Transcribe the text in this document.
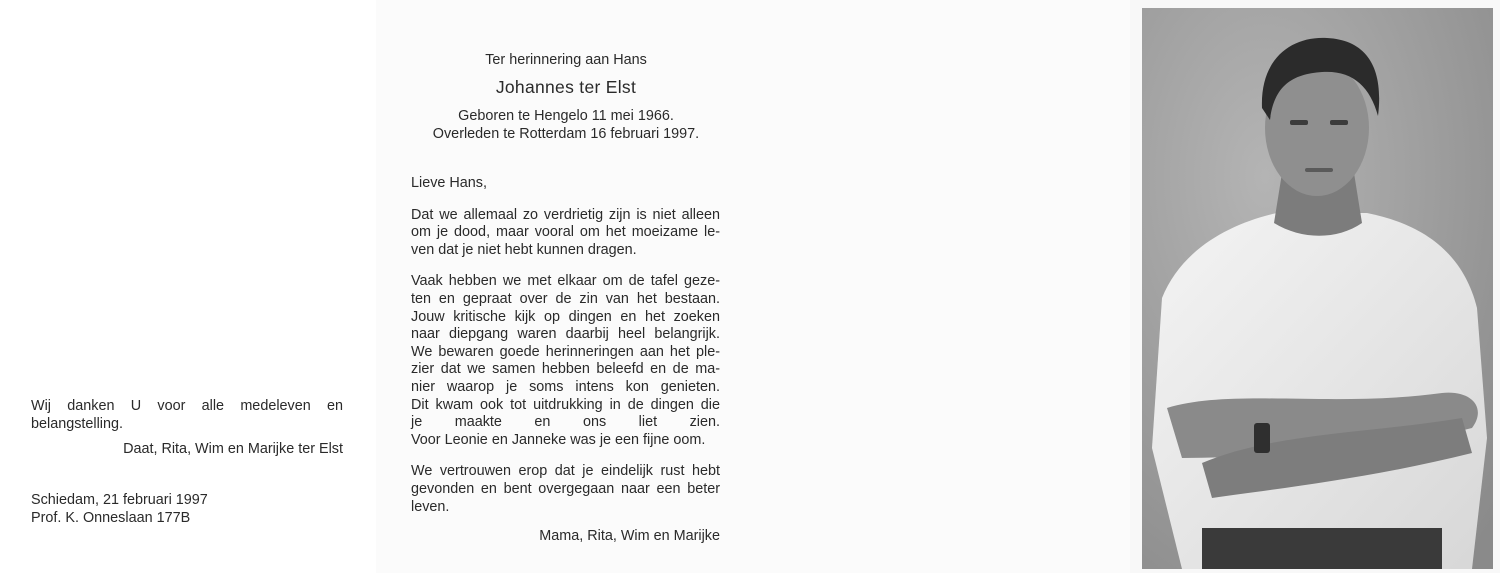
Wij danken U voor alle medeleven en belangstelling.
Daat, Rita, Wim en Marijke ter Elst
Schiedam, 21 februari 1997
Prof. K. Onneslaan 177B
Ter herinnering aan Hans
Johannes ter Elst
Geboren te Hengelo 11 mei 1966.
Overleden te Rotterdam 16 februari 1997.
Lieve Hans,
Dat we allemaal zo verdrietig zijn is niet alleen
om je dood, maar vooral om het moeizame le-
ven dat je niet hebt kunnen dragen.
Vaak hebben we met elkaar om de tafel geze-
ten en gepraat over de zin van het bestaan.
Jouw kritische kijk op dingen en het zoeken
naar diepgang waren daarbij heel belangrijk.
We bewaren goede herinneringen aan het ple-
zier dat we samen hebben beleefd en de ma-
nier waarop je soms intens kon genieten.
Dit kwam ook tot uitdrukking in de dingen die
je maakte en ons liet zien.
Voor Leonie en Janneke was je een fijne oom.
We vertrouwen erop dat je eindelijk rust hebt
gevonden en bent overgegaan naar een beter
leven.
Mama, Rita, Wim en Marijke
